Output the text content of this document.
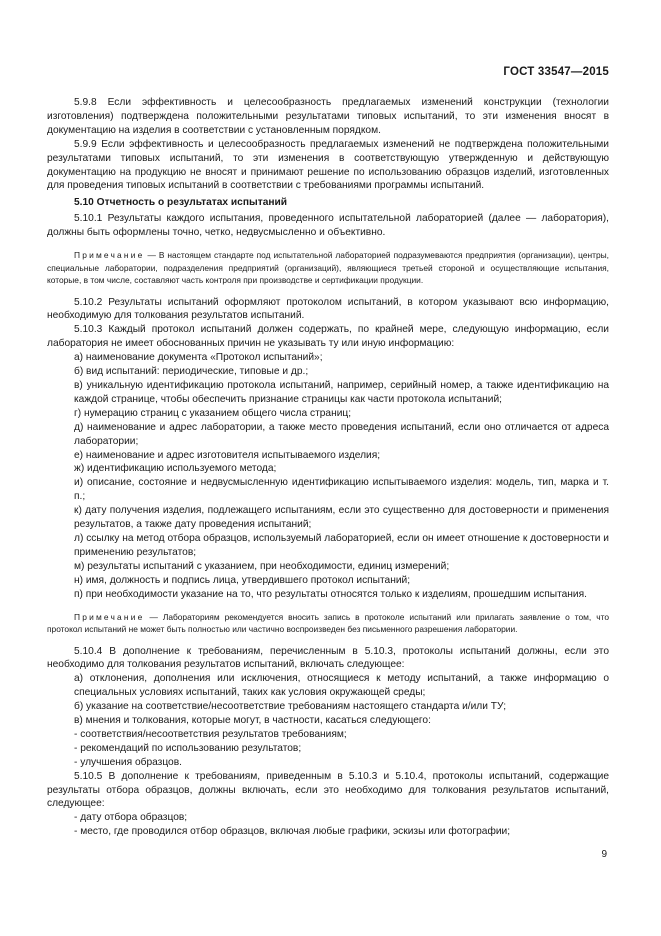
ГОСТ 33547—2015

5.9.8 Если эффективность и целесообразность предлагаемых изменений конструкции (технологии изготовления) подтверждена положительными результатами типовых испытаний, то эти изменения вносят в документацию на изделия в соответствии с установленным порядком.

5.9.9 Если эффективность и целесообразность предлагаемых изменений не подтверждена положительными результатами типовых испытаний, то эти изменения в соответствующую утвержденную и действующую документацию на продукцию не вносят и принимают решение по использованию образцов изделий, изготовленных для проведения типовых испытаний в соответствии с требованиями программы испытаний.

5.10 Отчетность о результатах испытаний

5.10.1 Результаты каждого испытания, проведенного испытательной лабораторией (далее — лаборатория), должны быть оформлены точно, четко, недвусмысленно и объективно.

Примечание — В настоящем стандарте под испытательной лабораторией подразумеваются предприятия (организации), центры, специальные лаборатории, подразделения предприятий (организаций), являющиеся третьей стороной и осуществляющие испытания, которые, в том числе, составляют часть контроля при производстве и сертификации продукции.

5.10.2 Результаты испытаний оформляют протоколом испытаний, в котором указывают всю информацию, необходимую для толкования результатов испытаний.

5.10.3 Каждый протокол испытаний должен содержать, по крайней мере, следующую информацию, если лаборатория не имеет обоснованных причин не указывать ту или иную информацию:

а) наименование документа «Протокол испытаний»;

б) вид испытаний: периодические, типовые и др.;

в) уникальную идентификацию протокола испытаний, например, серийный номер, а также идентификацию на каждой странице, чтобы обеспечить признание страницы как части протокола испытаний;

г) нумерацию страниц с указанием общего числа страниц;

д) наименование и адрес лаборатории, а также место проведения испытаний, если оно отличается от адреса лаборатории;

е) наименование и адрес изготовителя испытываемого изделия;

ж) идентификацию используемого метода;

и) описание, состояние и недвусмысленную идентификацию испытываемого изделия: модель, тип, марка и т. п.;

к) дату получения изделия, подлежащего испытаниям, если это существенно для достоверности и применения результатов, а также дату проведения испытаний;

л) ссылку на метод отбора образцов, используемый лабораторией, если он имеет отношение к достоверности и применению результатов;

м) результаты испытаний с указанием, при необходимости, единиц измерений;

н) имя, должность и подпись лица, утвердившего протокол испытаний;

п) при необходимости указание на то, что результаты относятся только к изделиям, прошедшим испытания.

Примечание — Лабораториям рекомендуется вносить запись в протоколе испытаний или прилагать заявление о том, что протокол испытаний не может быть полностью или частично воспроизведен без письменного разрешения лаборатории.

5.10.4 В дополнение к требованиям, перечисленным в 5.10.3, протоколы испытаний должны, если это необходимо для толкования результатов испытаний, включать следующее:

а) отклонения, дополнения или исключения, относящиеся к методу испытаний, а также информацию о специальных условиях испытаний, таких как условия окружающей среды;

б) указание на соответствие/несоответствие требованиям настоящего стандарта и/или ТУ;

в) мнения и толкования, которые могут, в частности, касаться следующего:

- соответствия/несоответствия результатов требованиям;

- рекомендаций по использованию результатов;

- улучшения образцов.

5.10.5 В дополнение к требованиям, приведенным в 5.10.3 и 5.10.4, протоколы испытаний, содержащие результаты отбора образцов, должны включать, если это необходимо для толкования результатов испытаний, следующее:

- дату отбора образцов;

- место, где проводился отбор образцов, включая любые графики, эскизы или фотографии;

9
